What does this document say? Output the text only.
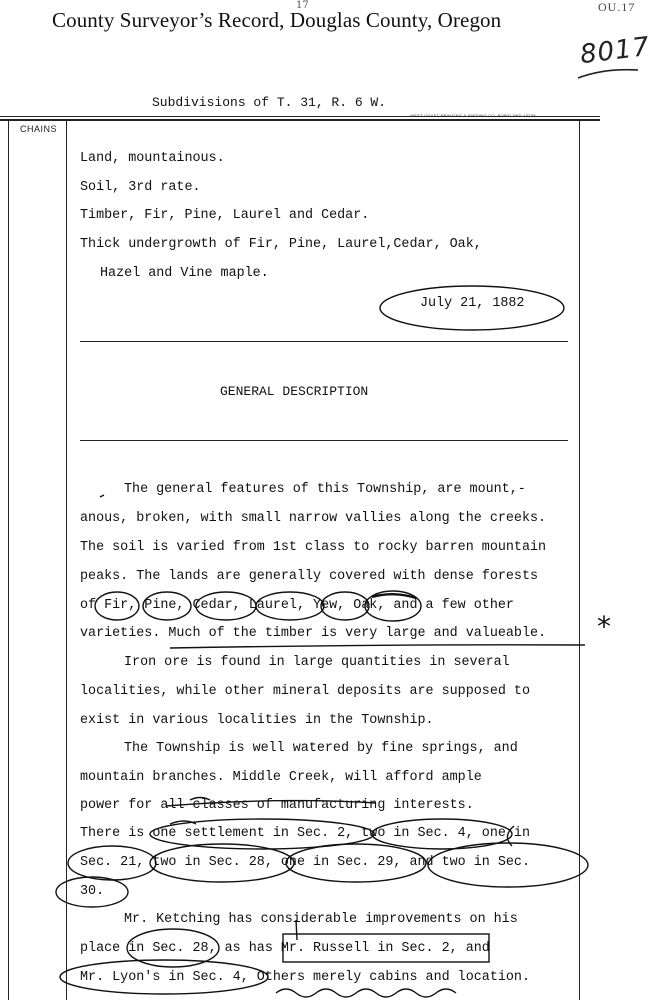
County Surveyor’s Record, Douglas County, Oregon
17	OU.17
8017
Subdivisions of T. 31, R. 6 W.
WEST COAST PRINTING & BINDING CO. PORTLAND 19736
CHAINS
Land, mountainous.
Soil, 3rd rate.
Timber, Fir, Pine, Laurel and Cedar.
Thick undergrowth of Fir, Pine, Laurel,Cedar, Oak,
Hazel and Vine maple.
July 21, 1882
GENERAL DESCRIPTION
The general features of this Township, are mount,-
anous, broken, with small narrow vallies along the creeks.
The soil is varied from 1st class to rocky barren mountain
peaks. The lands are generally covered with dense forests
of Fir, Pine, Cedar, Laurel, Yew, Oak, and a few other
varieties. Much of the timber is very large and valueable.
Iron ore is found in large quantities in several
localities, while other mineral deposits are supposed to
exist in various localities in the Township.
The Township is well watered by fine springs, and
mountain branches. Middle Creek, will afford ample
power for all classes of manufacturing interests.
There is one settlement in Sec. 2, two in Sec. 4, one in
Sec. 21, two in Sec. 28, one in Sec. 29, and two in Sec.
30.
Mr. Ketching has considerable improvements on his
place in Sec. 28, as has Mr. Russell in Sec. 2, and
Mr. Lyon's in Sec. 4, Others merely cabins and location.
*
